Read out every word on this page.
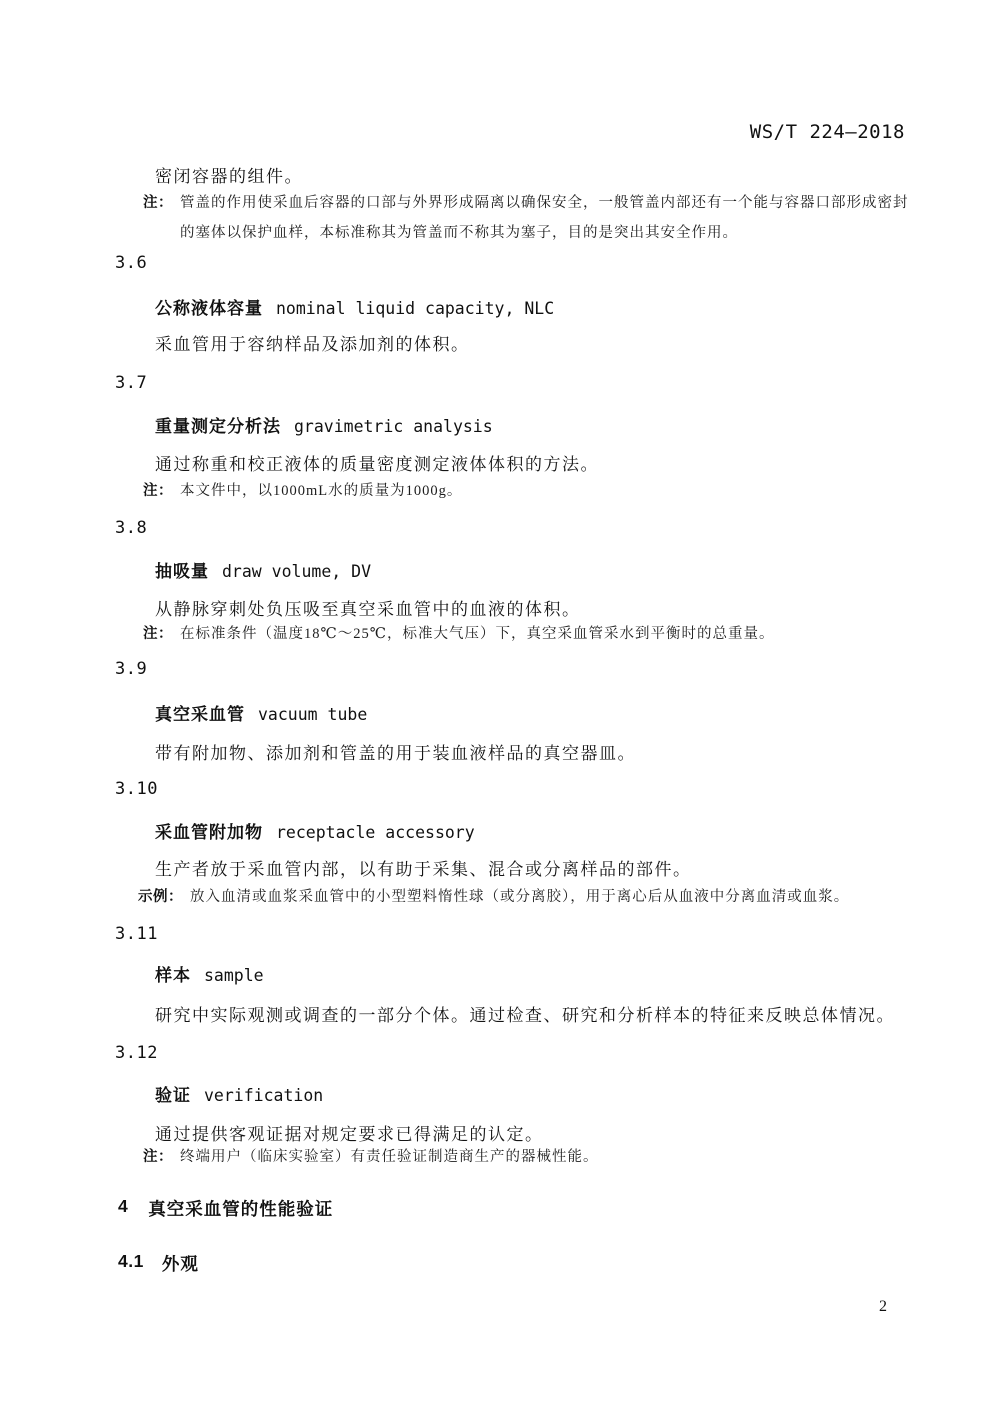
WS/T 224—2018
密闭容器的组件。
注： 管盖的作用使采血后容器的口部与外界形成隔离以确保安全，一般管盖内部还有一个能与容器口部形成密封的塞体以保护血样，本标准称其为管盖而不称其为塞子，目的是突出其安全作用。
3.6
公称液体容量 nominal liquid capacity, NLC
采血管用于容纳样品及添加剂的体积。
3.7
重量测定分析法 gravimetric analysis
通过称重和校正液体的质量密度测定液体体积的方法。
注： 本文件中，以1000mL水的质量为1000g。
3.8
抽吸量 draw volume, DV
从静脉穿刺处负压吸至真空采血管中的血液的体积。
注： 在标准条件（温度18℃～25℃，标准大气压）下，真空采血管采水到平衡时的总重量。
3.9
真空采血管 vacuum tube
带有附加物、添加剂和管盖的用于装血液样品的真空器皿。
3.10
采血管附加物 receptacle accessory
生产者放于采血管内部，以有助于采集、混合或分离样品的部件。
示例： 放入血清或血浆采血管中的小型塑料惰性球（或分离胶），用于离心后从血液中分离血清或血浆。
3.11
样本 sample
研究中实际观测或调查的一部分个体。通过检查、研究和分析样本的特征来反映总体情况。
3.12
验证 verification
通过提供客观证据对规定要求已得满足的认定。
注： 终端用户（临床实验室）有责任验证制造商生产的器械性能。
4 真空采血管的性能验证
4.1 外观
2
